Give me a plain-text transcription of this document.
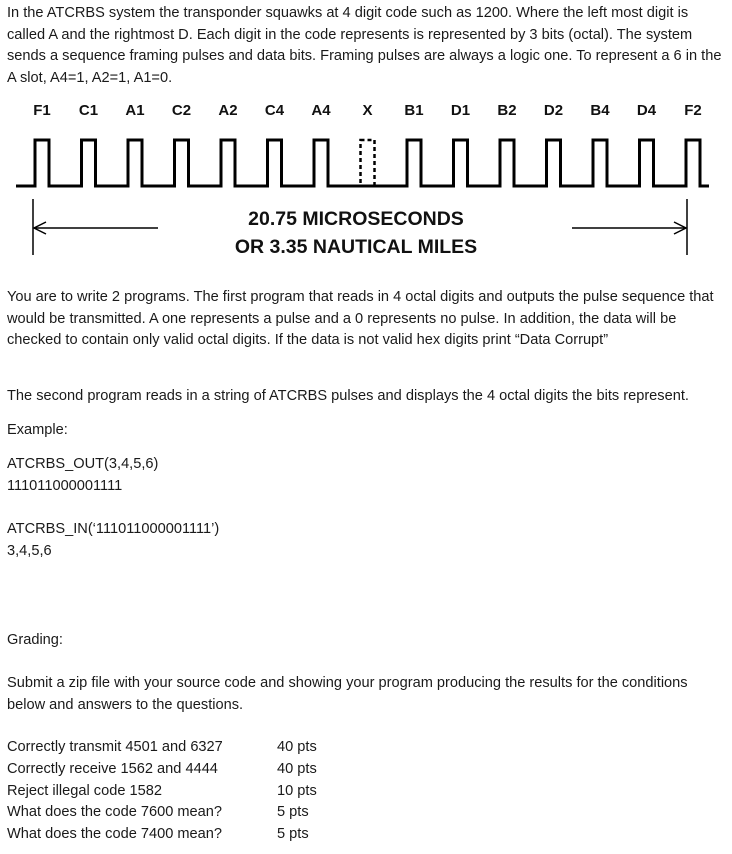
In the ATCRBS system the transponder squawks at 4 digit code such as 1200. Where the left most digit is called A and the rightmost D. Each digit in the code represents is represented by 3 bits (octal). The system sends a sequence framing pulses and data bits. Framing pulses are always a logic one. To represent a 6 in the A slot, A4=1, A2=1, A1=0.

F1 C1 A1 C2 A2 C4 A4 X B1 D1 B2 D2 B4 D4 F2
20.75 MICROSECONDS
OR 3.35 NAUTICAL MILES

You are to write 2 programs. The first program that reads in 4 octal digits and outputs the pulse sequence that would be transmitted. A one represents a pulse and a 0 represents no pulse. In addition, the data will be checked to contain only valid octal digits. If the data is not valid hex digits print “Data Corrupt”

The second program reads in a string of ATCRBS pulses and displays the 4 octal digits the bits represent.

Example:

ATCRBS_OUT(3,4,5,6)

111011000001111

ATCRBS_IN(‘111011000001111’)

3,4,5,6

Grading:

Submit a zip file with your source code and showing your program producing the results for the conditions below and answers to the questions.

Correctly transmit 4501 and 6327	40 pts
Correctly receive 1562 and 4444	40 pts
Reject illegal code 1582	10 pts
What does the code 7600 mean?	5 pts
What does the code 7400 mean?	5 pts
